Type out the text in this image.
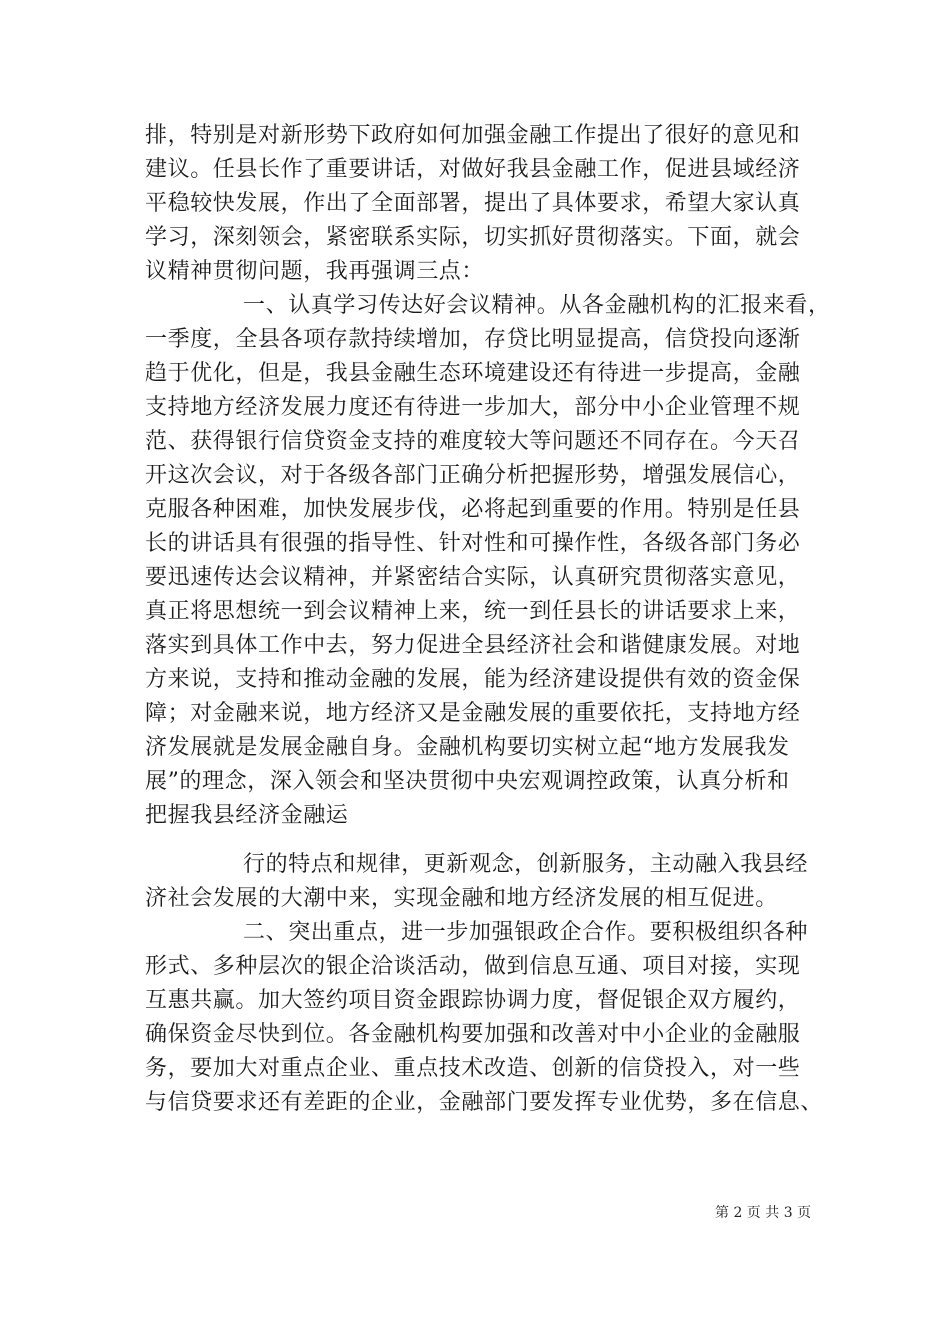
排，特别是对新形势下政府如何加强金融工作提出了很好的意见和
建议。任县长作了重要讲话，对做好我县金融工作，促进县域经济
平稳较快发展，作出了全面部署，提出了具体要求，希望大家认真
学习，深刻领会，紧密联系实际，切实抓好贯彻落实。下面，就会
议精神贯彻问题，我再强调三点：
一、认真学习传达好会议精神。从各金融机构的汇报来看，
一季度，全县各项存款持续增加，存贷比明显提高，信贷投向逐渐
趋于优化，但是，我县金融生态环境建设还有待进一步提高，金融
支持地方经济发展力度还有待进一步加大，部分中小企业管理不规
范、获得银行信贷资金支持的难度较大等问题还不同存在。今天召
开这次会议，对于各级各部门正确分析把握形势，增强发展信心，
克服各种困难，加快发展步伐，必将起到重要的作用。特别是任县
长的讲话具有很强的指导性、针对性和可操作性，各级各部门务必
要迅速传达会议精神，并紧密结合实际，认真研究贯彻落实意见，
真正将思想统一到会议精神上来，统一到任县长的讲话要求上来，
落实到具体工作中去，努力促进全县经济社会和谐健康发展。对地
方来说，支持和推动金融的发展，能为经济建设提供有效的资金保
障；对金融来说，地方经济又是金融发展的重要依托，支持地方经
济发展就是发展金融自身。金融机构要切实树立起“地方发展我发
展”的理念，深入领会和坚决贯彻中央宏观调控政策，认真分析和
把握我县经济金融运
行的特点和规律，更新观念，创新服务，主动融入我县经
济社会发展的大潮中来，实现金融和地方经济发展的相互促进。
二、突出重点，进一步加强银政企合作。要积极组织各种
形式、多种层次的银企洽谈活动，做到信息互通、项目对接，实现
互惠共赢。加大签约项目资金跟踪协调力度，督促银企双方履约，
确保资金尽快到位。各金融机构要加强和改善对中小企业的金融服
务，要加大对重点企业、重点技术改造、创新的信贷投入，对一些
与信贷要求还有差距的企业，金融部门要发挥专业优势，多在信息、
第 2 页 共 3 页
